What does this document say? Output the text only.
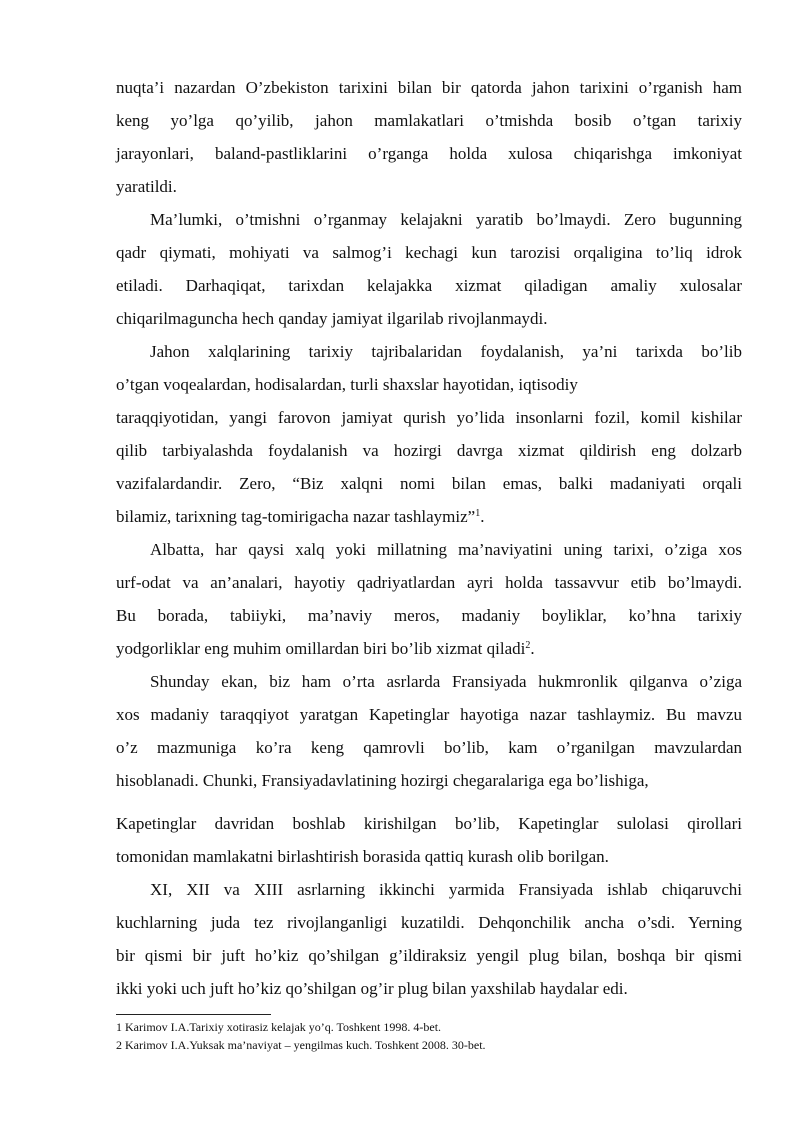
nuqta’i nazardan O’zbekiston tarixini bilan bir qatorda jahon tarixini o’rganish ham
keng yo’lga qo’yilib, jahon mamlakatlari o’tmishda bosib o’tgan tarixiy
jarayonlari, baland-pastliklarini o’rganga holda xulosa chiqarishga imkoniyat
yaratildi.
Ma’lumki, o’tmishni o’rganmay kelajakni yaratib bo’lmaydi. Zero bugunning
qadr qiymati, mohiyati va salmog’i kechagi kun tarozisi orqaligina to’liq idrok
etiladi. Darhaqiqat, tarixdan kelajakka xizmat qiladigan amaliy xulosalar
chiqarilmaguncha hech qanday jamiyat ilgarilab rivojlanmaydi.
Jahon xalqlarining tarixiy tajribalaridan foydalanish, ya’ni tarixda bo’lib
o’tgan voqealardan, hodisalardan, turli shaxslar hayotidan, iqtisodiy
taraqqiyotidan, yangi farovon jamiyat qurish yo’lida insonlarni fozil, komil kishilar
qilib tarbiyalashda foydalanish va hozirgi davrga xizmat qildirish eng dolzarb
vazifalardandir. Zero, “Biz xalqni nomi bilan emas, balki madaniyati orqali
bilamiz, tarixning tag-tomirigacha nazar tashlaymiz”$^1$.
Albatta, har qaysi xalq yoki millatning ma’naviyatini uning tarixi, o’ziga xos
urf-odat va an’analari, hayotiy qadriyatlardan ayri holda tassavvur etib bo’lmaydi.
Bu borada, tabiiyki, ma’naviy meros, madaniy boyliklar, ko’hna tarixiy
yodgorliklar eng muhim omillardan biri bo’lib xizmat qiladi$^2$.
Shunday ekan, biz ham o’rta asrlarda Fransiyada hukmronlik qilganva o’ziga
xos madaniy taraqqiyot yaratgan Kapetinglar hayotiga nazar tashlaymiz. Bu mavzu
o’z mazmuniga ko’ra keng qamrovli bo’lib, kam o’rganilgan mavzulardan
hisoblanadi. Chunki, Fransiyadavlatining hozirgi chegaralariga ega bo’lishiga,
Kapetinglar davridan boshlab kirishilgan bo’lib, Kapetinglar sulolasi qirollari
tomonidan mamlakatni birlashtirish borasida qattiq kurash olib borilgan.
XI, XII va XIII asrlarning ikkinchi yarmida Fransiyada ishlab chiqaruvchi
kuchlarning juda tez rivojlanganligi kuzatildi. Dehqonchilik ancha o’sdi. Yerning
bir qismi bir juft ho’kiz qo’shilgan g’ildiraksiz yengil plug bilan, boshqa bir qismi
ikki yoki uch juft ho’kiz qo’shilgan og’ir plug bilan yaxshilab haydalar edi.
1 Karimov I.A.Tarixiy xotirasiz kelajak yo’q. Toshkent 1998. 4-bet.
2 Karimov I.A.Yuksak ma’naviyat – yengilmas kuch. Toshkent 2008. 30-bet.
